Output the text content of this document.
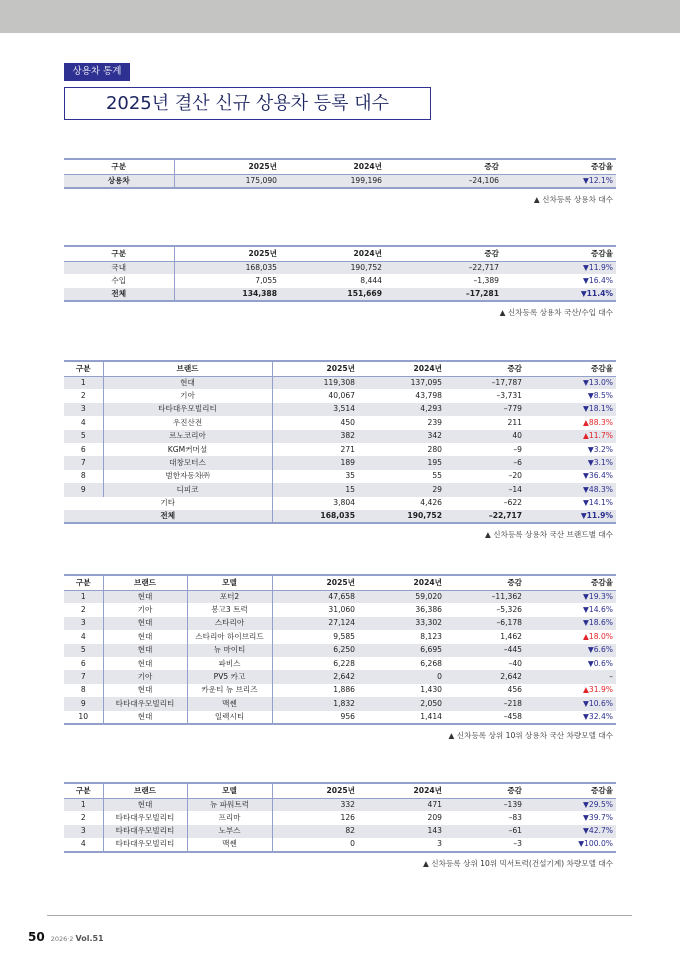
상용차 통계
2025년 결산 신규 상용차 등록 대수
구분	2025년	2024년	증감	증감율
상용차	175,090	199,196	–24,106	▼12.1%
▲ 신차등록 상용차 대수
구분	2025년	2024년	증감	증감율
국내	168,035	190,752	–22,717	▼11.9%
수입	7,055	8,444	–1,389	▼16.4%
전체	134,388	151,669	–17,281	▼11.4%
▲ 신차등록 상용차 국산/수입 대수
구분	브랜드	2025년	2024년	증감	증감율
1	현대	119,308	137,095	–17,787	▼13.0%
2	기아	40,067	43,798	–3,731	▼8.5%
3	타타대우모빌리티	3,514	4,293	–779	▼18.1%
4	우진산전	450	239	211	▲88.3%
5	르노코리아	382	342	40	▲11.7%
6	KGM커머셜	271	280	–9	▼3.2%
7	대창모터스	189	195	–6	▼3.1%
8	범한자동차㈜	35	55	–20	▼36.4%
9	디피코	15	29	–14	▼48.3%
기타		3,804	4,426	–622	▼14.1%
전체		168,035	190,752	–22,717	▼11.9%
▲ 신차등록 상용차 국산 브랜드별 대수
구분	브랜드	모델	2025년	2024년	증감	증감율
1	현대	포터2	47,658	59,020	–11,362	▼19.3%
2	기아	봉고3 트럭	31,060	36,386	–5,326	▼14.6%
3	현대	스타리아	27,124	33,302	–6,178	▼18.6%
4	현대	스타리아 하이브리드	9,585	8,123	1,462	▲18.0%
5	현대	뉴 마이티	6,250	6,695	–445	▼6.6%
6	현대	파비스	6,228	6,268	–40	▼0.6%
7	기아	PV5 카고	2,642	0	2,642	–
8	현대	카운티 뉴 브리즈	1,886	1,430	456	▲31.9%
9	타타대우모빌리티	맥쎈	1,832	2,050	–218	▼10.6%
10	현대	일렉시티	956	1,414	–458	▼32.4%
▲ 신차등록 상위 10위 상용차 국산 차량모델 대수
구분	브랜드	모델	2025년	2024년	증감	증감율
1	현대	뉴 파워트럭	332	471	–139	▼29.5%
2	타타대우모빌리티	프리마	126	209	–83	▼39.7%
3	타타대우모빌리티	노부스	82	143	–61	▼42.7%
4	타타대우모빌리티	맥쎈	0	3	–3	▼100.0%
▲ 신차등록 상위 10위 믹서트럭(건설기계) 차량모델 대수
50 2026·2 Vol.51
